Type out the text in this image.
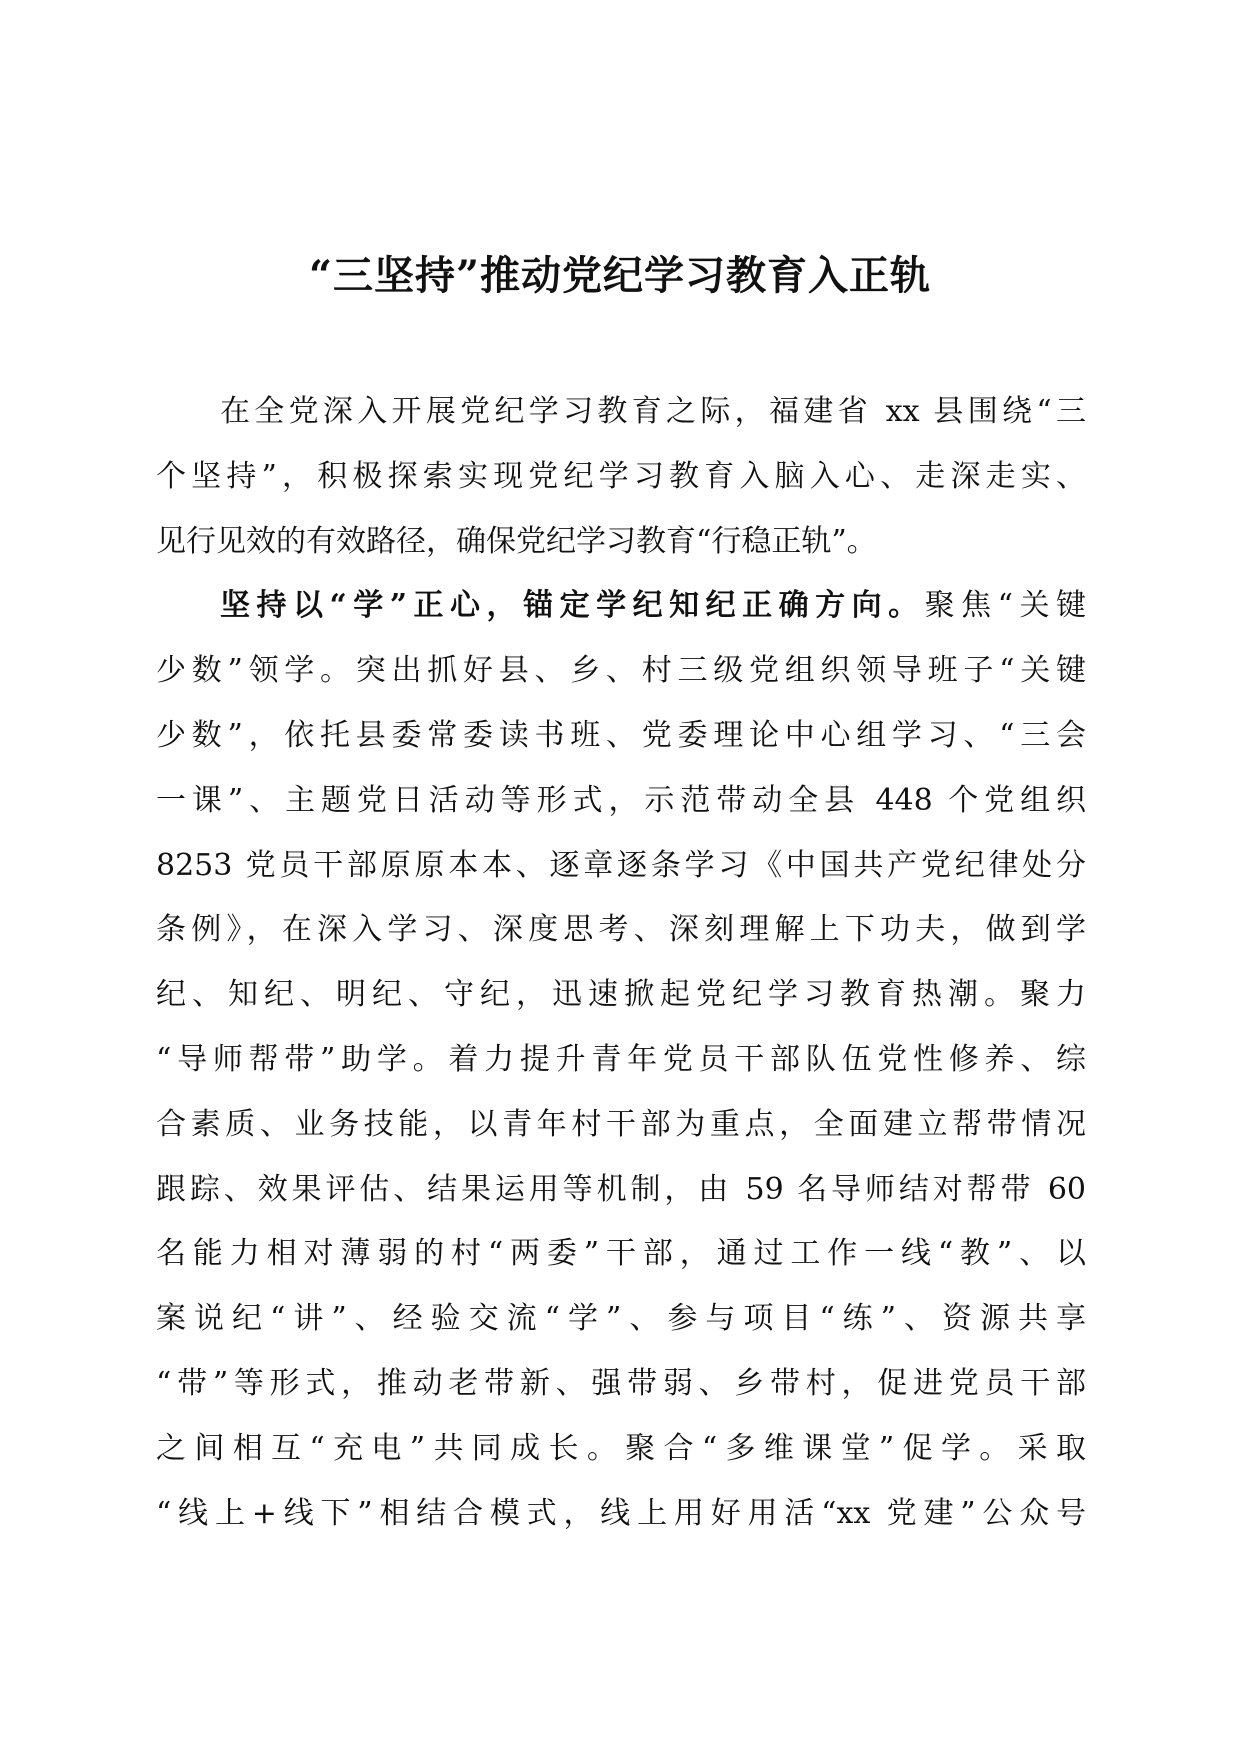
“三坚持”推动党纪学习教育入正轨
在全党深入开展党纪学习教育之际，福建省 xx 县围绕“三
个坚持”，积极探索实现党纪学习教育入脑入心、走深走实、
见行见效的有效路径，确保党纪学习教育“行稳正轨”。
坚持以“学”正心，锚定学纪知纪正确方向。聚焦“关键
少数”领学。突出抓好县、乡、村三级党组织领导班子“关键
少数”，依托县委常委读书班、党委理论中心组学习、“三会
一课”、主题党日活动等形式，示范带动全县 448 个党组织
8253 党员干部原原本本、逐章逐条学习《中国共产党纪律处分
条例》，在深入学习、深度思考、深刻理解上下功夫，做到学
纪、知纪、明纪、守纪，迅速掀起党纪学习教育热潮。聚力
“导师帮带”助学。着力提升青年党员干部队伍党性修养、综
合素质、业务技能，以青年村干部为重点，全面建立帮带情况
跟踪、效果评估、结果运用等机制，由 59 名导师结对帮带 60
名能力相对薄弱的村“两委”干部，通过工作一线“教”、以
案说纪“讲”、经验交流“学”、参与项目“练”、资源共享
“带”等形式，推动老带新、强带弱、乡带村，促进党员干部
之间相互“充电”共同成长。聚合“多维课堂”促学。采取
“线上+线下”相结合模式，线上用好用活“xx 党建”公众号
